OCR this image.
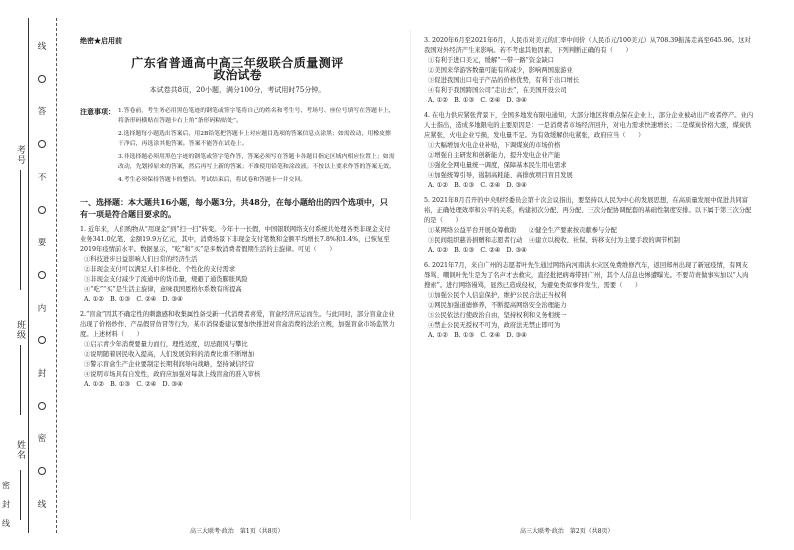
姓名
班级
考号
线
答
不
要
内
封
密
线
密
封
线
绝密★启用前
广东省普通高中高三年级联合质量测评
政治试卷
本试卷共8页，20小题，满分100分，考试用时75分钟。
注意事项： 1.答卷前，考生务必用黑色笔迹的钢笔或签字笔将自己的姓名和考生号、考场号、座位号填写在答题卡上，将条形码横贴在答题卡右上角“条形码粘贴处”。

2.选择题每小题选出答案后，用2B铅笔把答题卡上对应题目选项的答案信息点涂黑；如需改动，用橡皮擦干净后，再选涂其他答案。答案不能答在试卷上。

3.非选择题必须用黑色字迹的钢笔或签字笔作答，答案必须写在答题卡各题目指定区域内相应位置上；如需改动，先划掉原来的答案，然后再写上新的答案；不准使用铅笔和涂改液。不按以上要求作答的答案无效。

4.考生必须保持答题卡的整洁。考试结束后，将试卷和答题卡一并交回。

一、选择题：本大题共16小题，每小题3分，共48分，在每小题给出的四个选项中，只有一项是符合题目要求的。

1. 近年来，人们购物从“用现金”到“扫一扫”转变。今年十一长假，中国银联网络支付系统共处理各类非现金支付业务341.0亿笔、金额19.9万亿元，其中，消费场景下非现金支付笔数和金额平均增长7.8%和1.4%，已恢复至2019年疫情前水平。数据显示，“吃”和“买”是多数消费者假期生活的主旋律。可见（　　）

①科技进步日益影响人们日常的经济生活

②非现金支付可以满足人们多样化、个性化的支付需求

③非现金支付减少了流通中的货币量，规避了通货膨胀风险

④“吃”“买”是生活主旋律，意味我国恩格尔系数有所提高

A. ①②　B. ①③　C. ②④　D. ③④

2.“盲盒”因其不确定性的刺激感和收集属性备受新一代消费者喜爱，盲盒经济应运而生。与此同时，部分盲盒企业出现了价格炒作、产品假冒仿冒等行为，某市消保委建议要加快推进对盲盒消费的法治立规，加强盲盒市场监管力度。上述材料（　　）

①启示青少年消费要量力而行，理性适度，切忌跟风与攀比

②说明随着居民收入提高，人们发展资料的消费比重不断增加

③警示盲盒生产企业要制定长期利润导向战略，坚持诚信经营

④说明市场具有自发性，政府应加强对每款上线盲盒的准入审核

A. ①②　B. ①③　C. ②④　D. ③④

3. 2020年6月至2021年6月，人民币对美元的汇率中间价（人民币元/100美元）从708.39振荡走高至645.96。这对我国对外经济产生来影响。若不考虑其他因素，下列判断正确的有（　　）

①有利于进口美元，缓解“一带一路”资金缺口

②美国来华游客数量可能有所减少，影响两国旅游业

③促进我国出口电子产品的价格优势，有利于出口增长

④有利于我国跨国公司“走出去”，在美国开设公司

A. ①②　B. ①③　C. ②④　D. ③④

4. 在电力供应紧张背景下，全国多地发布限电通知，大部分地区将重点保在企业上，部分企业被动出产或者停产。业内人士指出，造成多地限电的主要原因是：一是消费者市场经济回升，对电力需求快速增长；二是煤炭价格大涨，煤炭供应紧张，火电企业亏损，发电量不足。为有效缓解供电紧张，政府应当（　　）

①大幅增加火电企业补贴，下调煤炭的市场价格

②增强自主研发和创新能力，提升发电企业产能

③强化全网电量统一调度，保障基本民生用电需求

④加强统筹引导，遏制高耗能、高排放项目盲目发展

A. ①②　B. ①③　C. ②④　D. ③④

5. 2021年8月召开的中央财经委员会第十次会议指出，要坚持以人民为中心的发展思想，在高质量发展中促进共同富裕，正确处理效率和公平的关系，构建初次分配、再分配、三次分配协调配套的基础性制度安排。以下属于第三次分配的是（　　）

①某网络公益平台开展众筹救助　　②健全生产要素按贡献参与分配

③民间组织慈善捐赠和志愿者行动　④建立以税收、社保、转移支付为主要手段的调节机制

A. ①②　B. ①③　C. ②④　D. ③④

6. 2021年7月，来自广州的志愿者叶先生通过网络向河南洪水灾区免费维修汽车，返回郑州出现了新冠疫情，有网友辱骂、嘲讽叶先生是为了名声才去救灾，直径批把病毒带回广州，其个人信息也惨遭曝光。不要苛责做事实加以“人肉搜索”。进行网络谩骂，显然已造成侵权，为避免类似事件发生，需要（　　）

①加强公民个人信息保护，维护公民合法正当权利

②网民加强道德修养，不断提高网络安全治理能力

③公民依法行使政治自由，坚持权利和义务相统一

④禁止公民无授权不可为，政府法无禁止即可为

A. ①②　B. ①③　C. ②④　D. ③④

高三大联考·政治　第1页（共8页）	高三大联考·政治　第2页（共8页）
